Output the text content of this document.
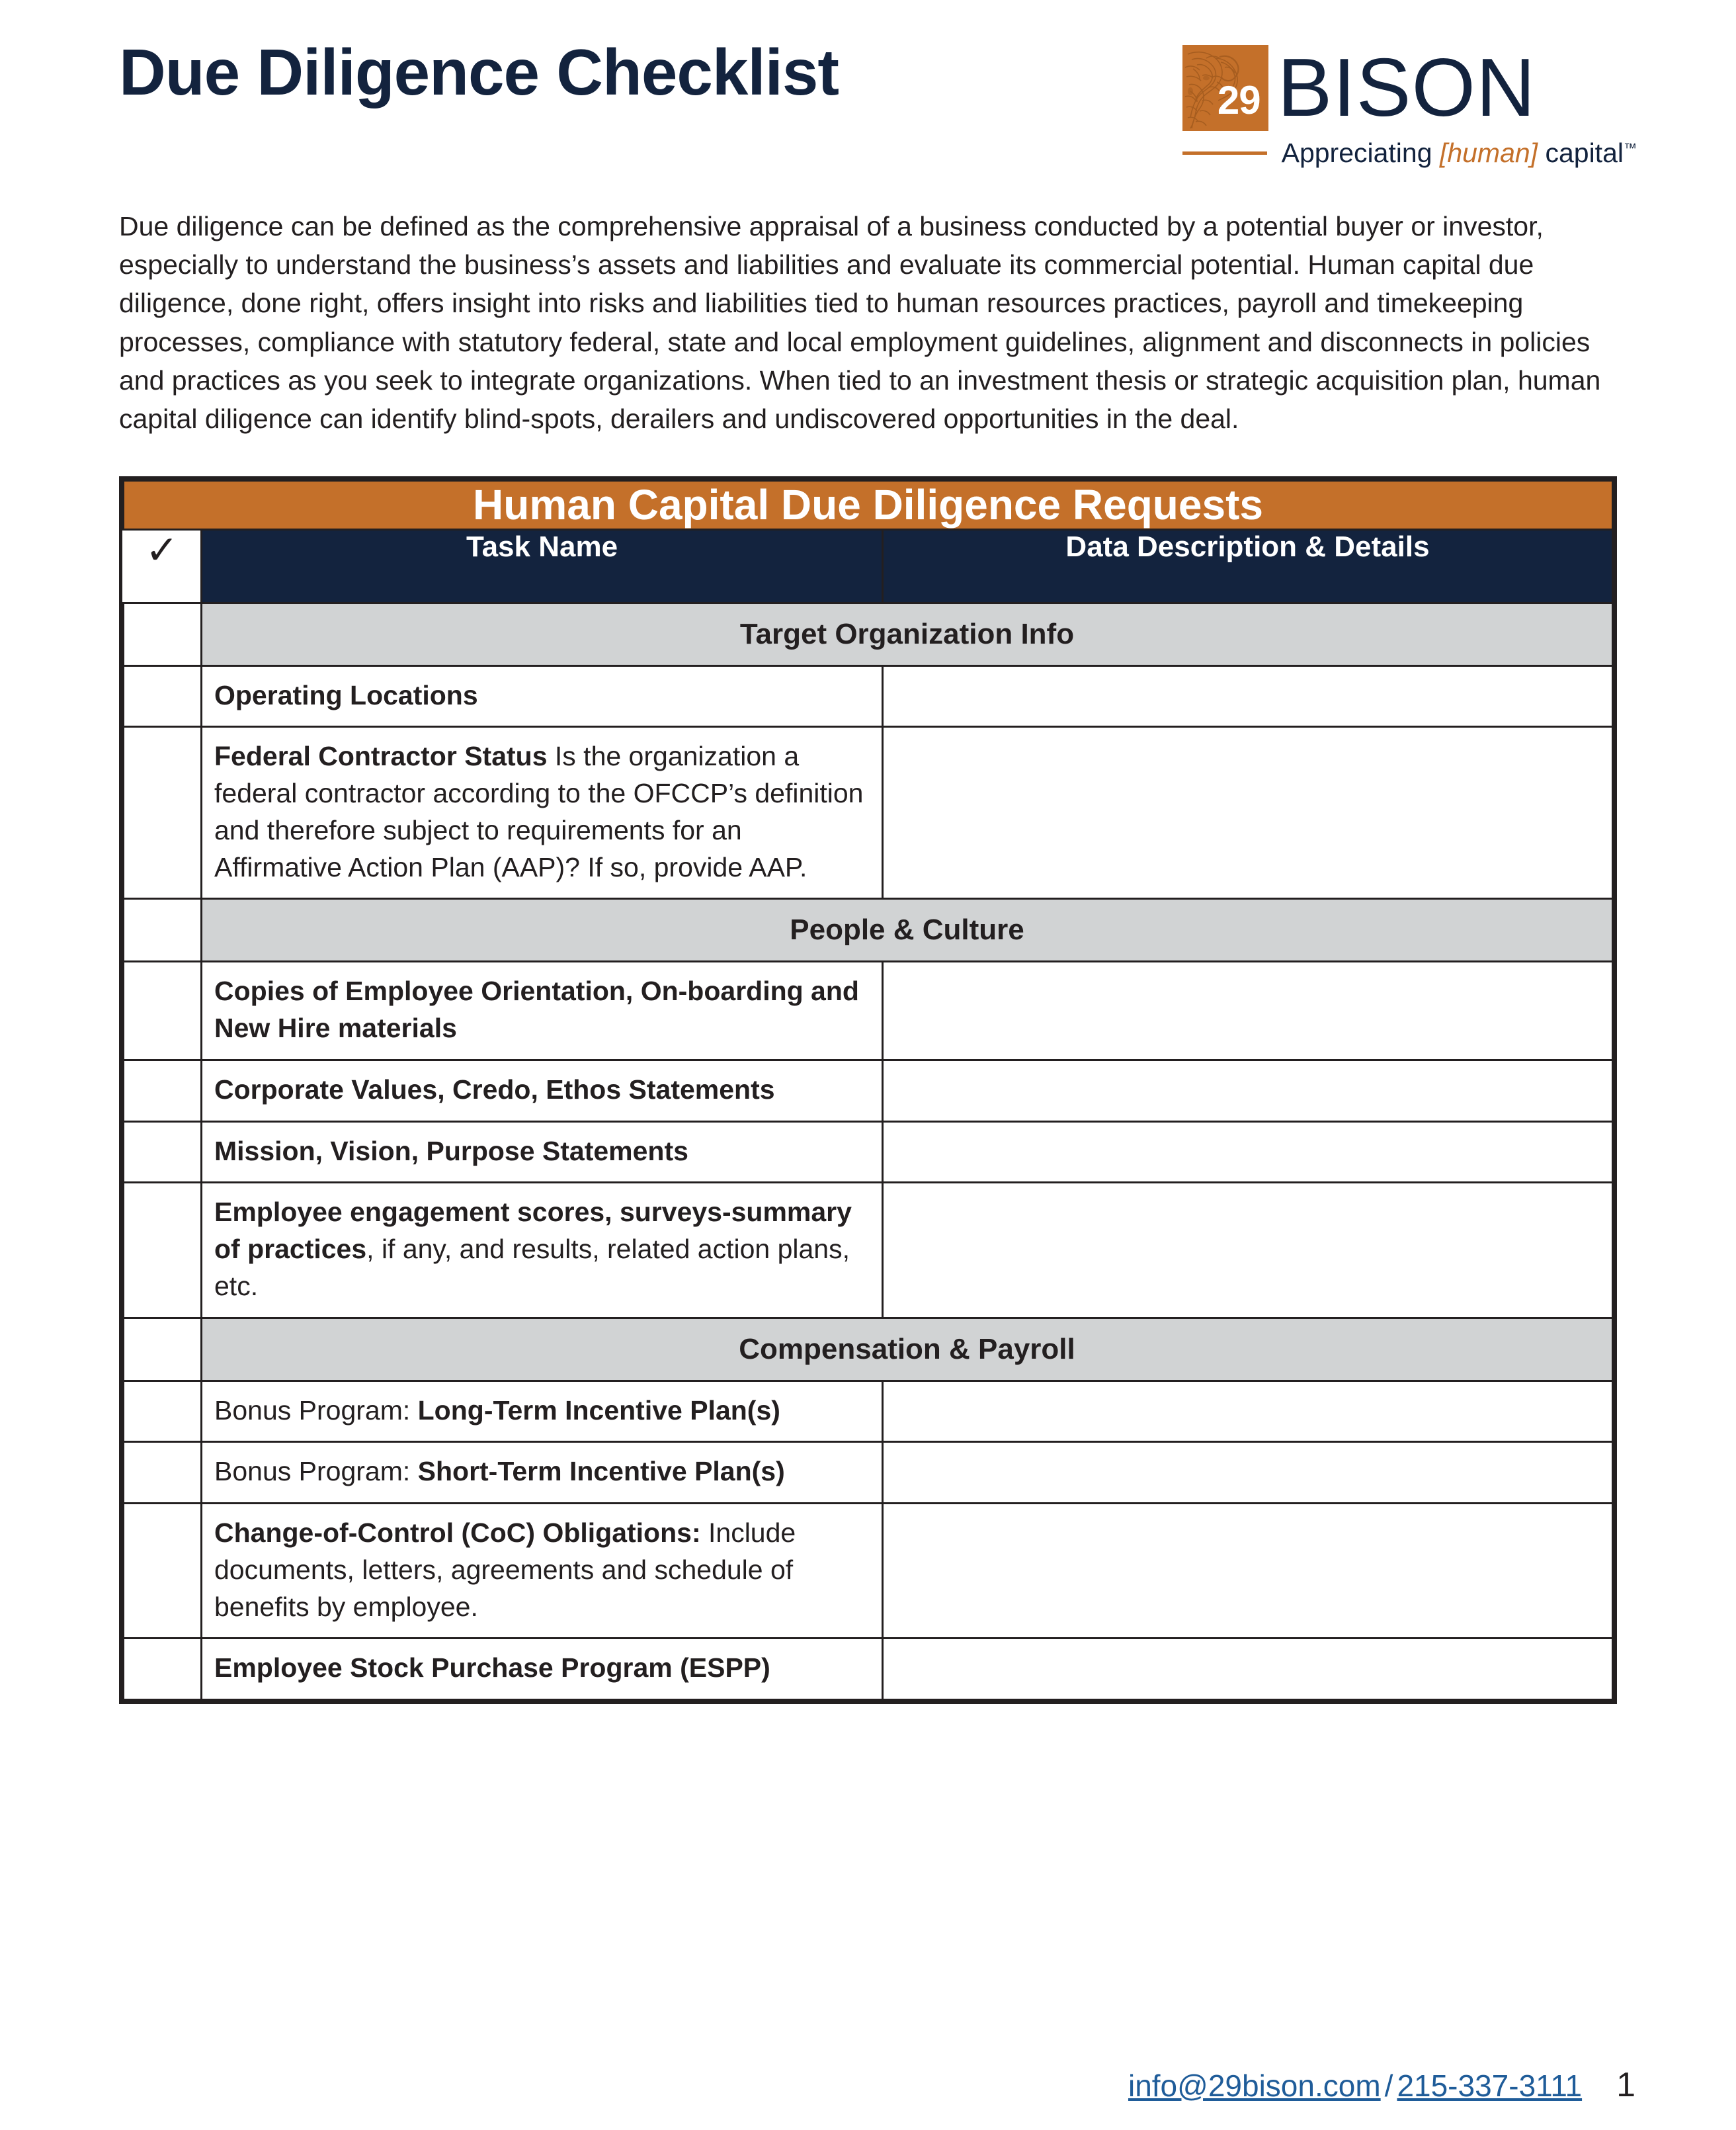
Due Diligence Checklist	29 BISON
Appreciating [human] capital™

Due diligence can be defined as the comprehensive appraisal of a business conducted by a potential buyer or investor, especially to understand the business’s assets and liabilities and evaluate its commercial potential. Human capital due diligence, done right, offers insight into risks and liabilities tied to human resources practices, payroll and timekeeping processes, compliance with statutory federal, state and local employment guidelines, alignment and disconnects in policies and practices as you seek to integrate organizations. When tied to an investment thesis or strategic acquisition plan, human capital diligence can identify blind-spots, derailers and undiscovered opportunities in the deal.

Human Capital Due Diligence Requests		

✓	Task Name	Data Description & Details
	Target Organization Info	
	Operating Locations	
	Federal Contractor Status Is the organization a federal contractor according to the OFCCP’s definition and therefore subject to requirements for an Affirmative Action Plan (AAP)? If so, provide AAP.	
	People & Culture	
	Copies of Employee Orientation, On-boarding and New Hire materials	
	Corporate Values, Credo, Ethos Statements	
	Mission, Vision, Purpose Statements	
	Employee engagement scores, surveys-summary of practices, if any, and results, related action plans, etc.	
	Compensation & Payroll	
	Bonus Program: Long-Term Incentive Plan(s)	
	Bonus Program: Short-Term Incentive Plan(s)	
	Change-of-Control (CoC) Obligations: Include documents, letters, agreements and schedule of benefits by employee.	
	Employee Stock Purchase Program (ESPP)	
info@29bison.com / 215-337-3111 1
